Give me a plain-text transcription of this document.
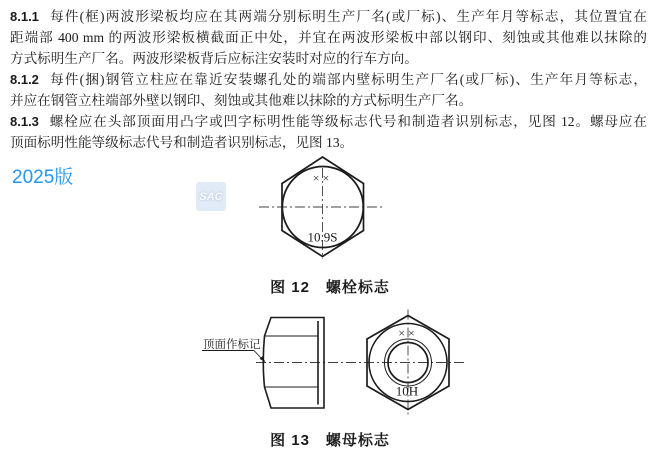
8.1.1 每件(框)两波形梁板均应在其两端分别标明生产厂名(或厂标)、生产年月等标志，其位置宜在
距端部 400 mm 的两波形梁板横截面正中处，并宜在两波形梁板中部以钢印、刻蚀或其他难以抹除的
方式标明生产厂名。两波形梁板背后应标注安装时对应的行车方向。
8.1.2 每件(捆)钢管立柱应在靠近安装螺孔处的端部内壁标明生产厂名(或厂标)、生产年月等标志，
并应在钢管立柱端部外壁以钢印、刻蚀或其他难以抹除的方式标明生产厂名。
8.1.3 螺栓应在头部顶面用凸字或凹字标明性能等级标志代号和制造者识别标志，见图 12。螺母应在
顶面标明性能等级标志代号和制造者识别标志，见图 13。
2025版
SAC
××
10.9S
图 12　螺栓标志
顶面作标记
××
10H
图 13　螺母标志
